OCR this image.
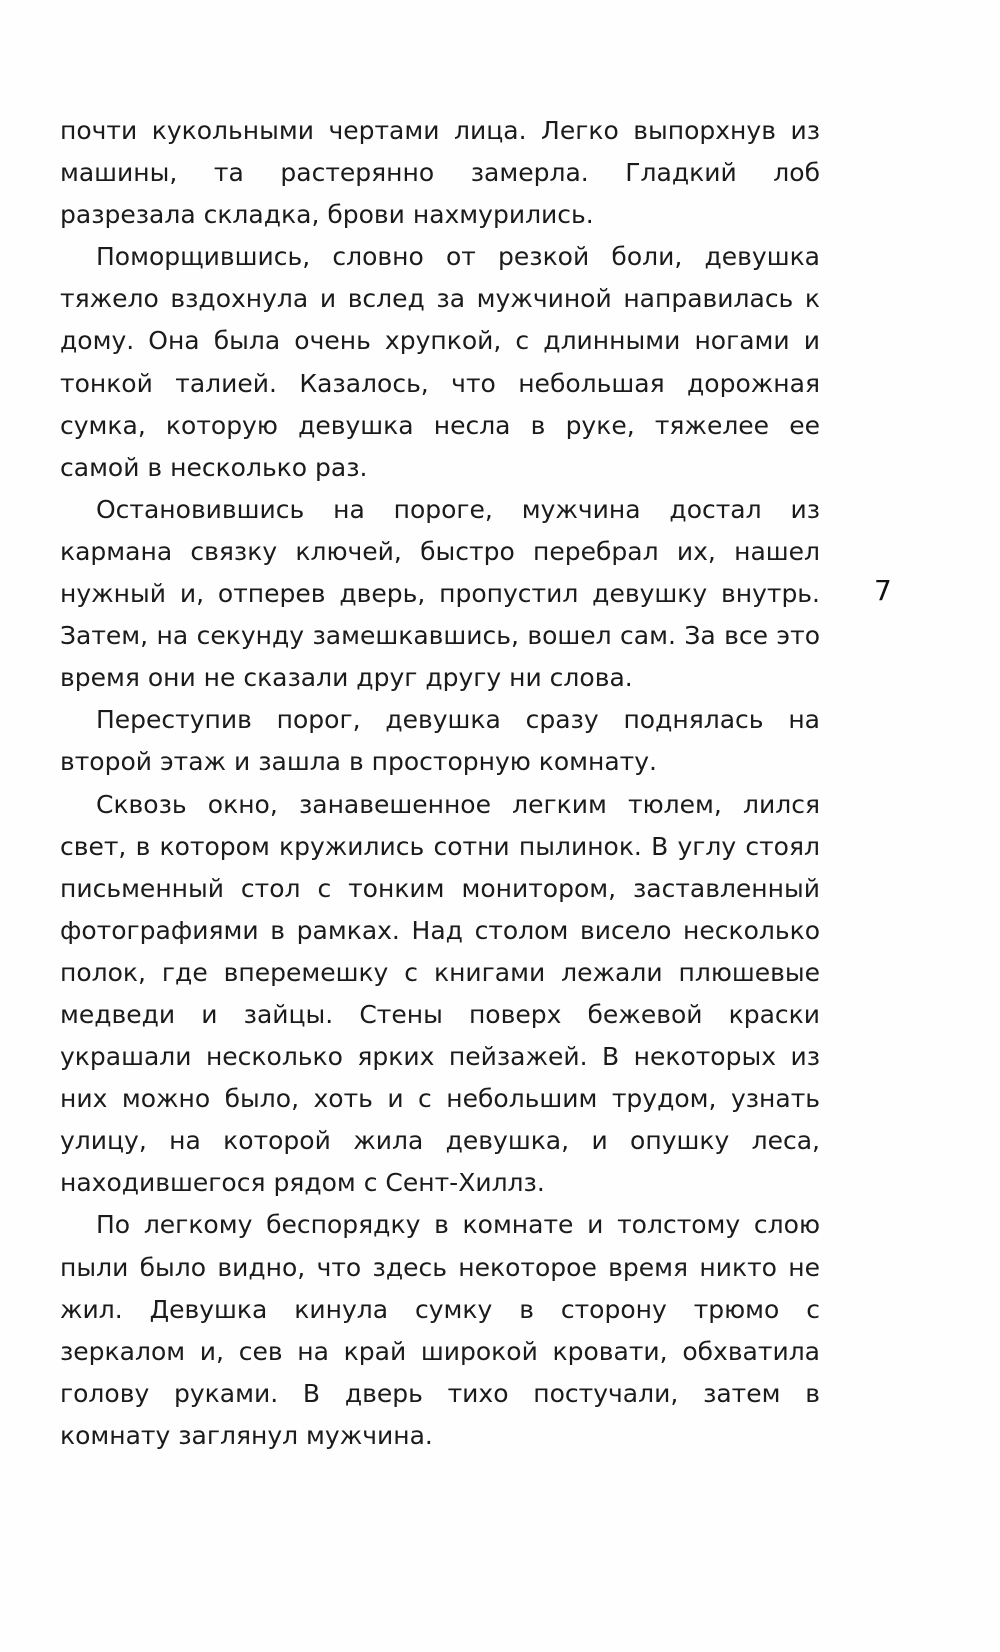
почти кукольными чертами лица. Легко выпорхнув из машины, та растерянно замерла. Гладкий лоб разрезала складка, брови нахмурились.

Поморщившись, словно от резкой боли, девушка тяжело вздохнула и вслед за мужчиной направилась к дому. Она была очень хрупкой, с длинными ногами и тонкой талией. Казалось, что небольшая дорожная сумка, которую девушка несла в руке, тяжелее ее самой в несколько раз.

Остановившись на пороге, мужчина достал из кармана связку ключей, быстро перебрал их, нашел нужный и, отперев дверь, пропустил девушку внутрь. Затем, на секунду замешкавшись, вошел сам. За все это время они не сказали друг другу ни слова.

Переступив порог, девушка сразу поднялась на второй этаж и зашла в просторную комнату.

Сквозь окно, занавешенное легким тюлем, лился свет, в котором кружились сотни пылинок. В углу стоял письменный стол с тонким монитором, заставленный фотографиями в рамках. Над столом висело несколько полок, где вперемешку с книгами лежали плюшевые медведи и зайцы. Стены поверх бежевой краски украшали несколько ярких пейзажей. В некоторых из них можно было, хоть и с небольшим трудом, узнать улицу, на которой жила девушка, и опушку леса, находившегося рядом с Сент-Хиллз.

По легкому беспорядку в комнате и толстому слою пыли было видно, что здесь некоторое время никто не жил. Девушка кинула сумку в сторону трюмо с зеркалом и, сев на край широкой кровати, обхватила голову руками. В дверь тихо постучали, затем в комнату заглянул мужчина.

7
